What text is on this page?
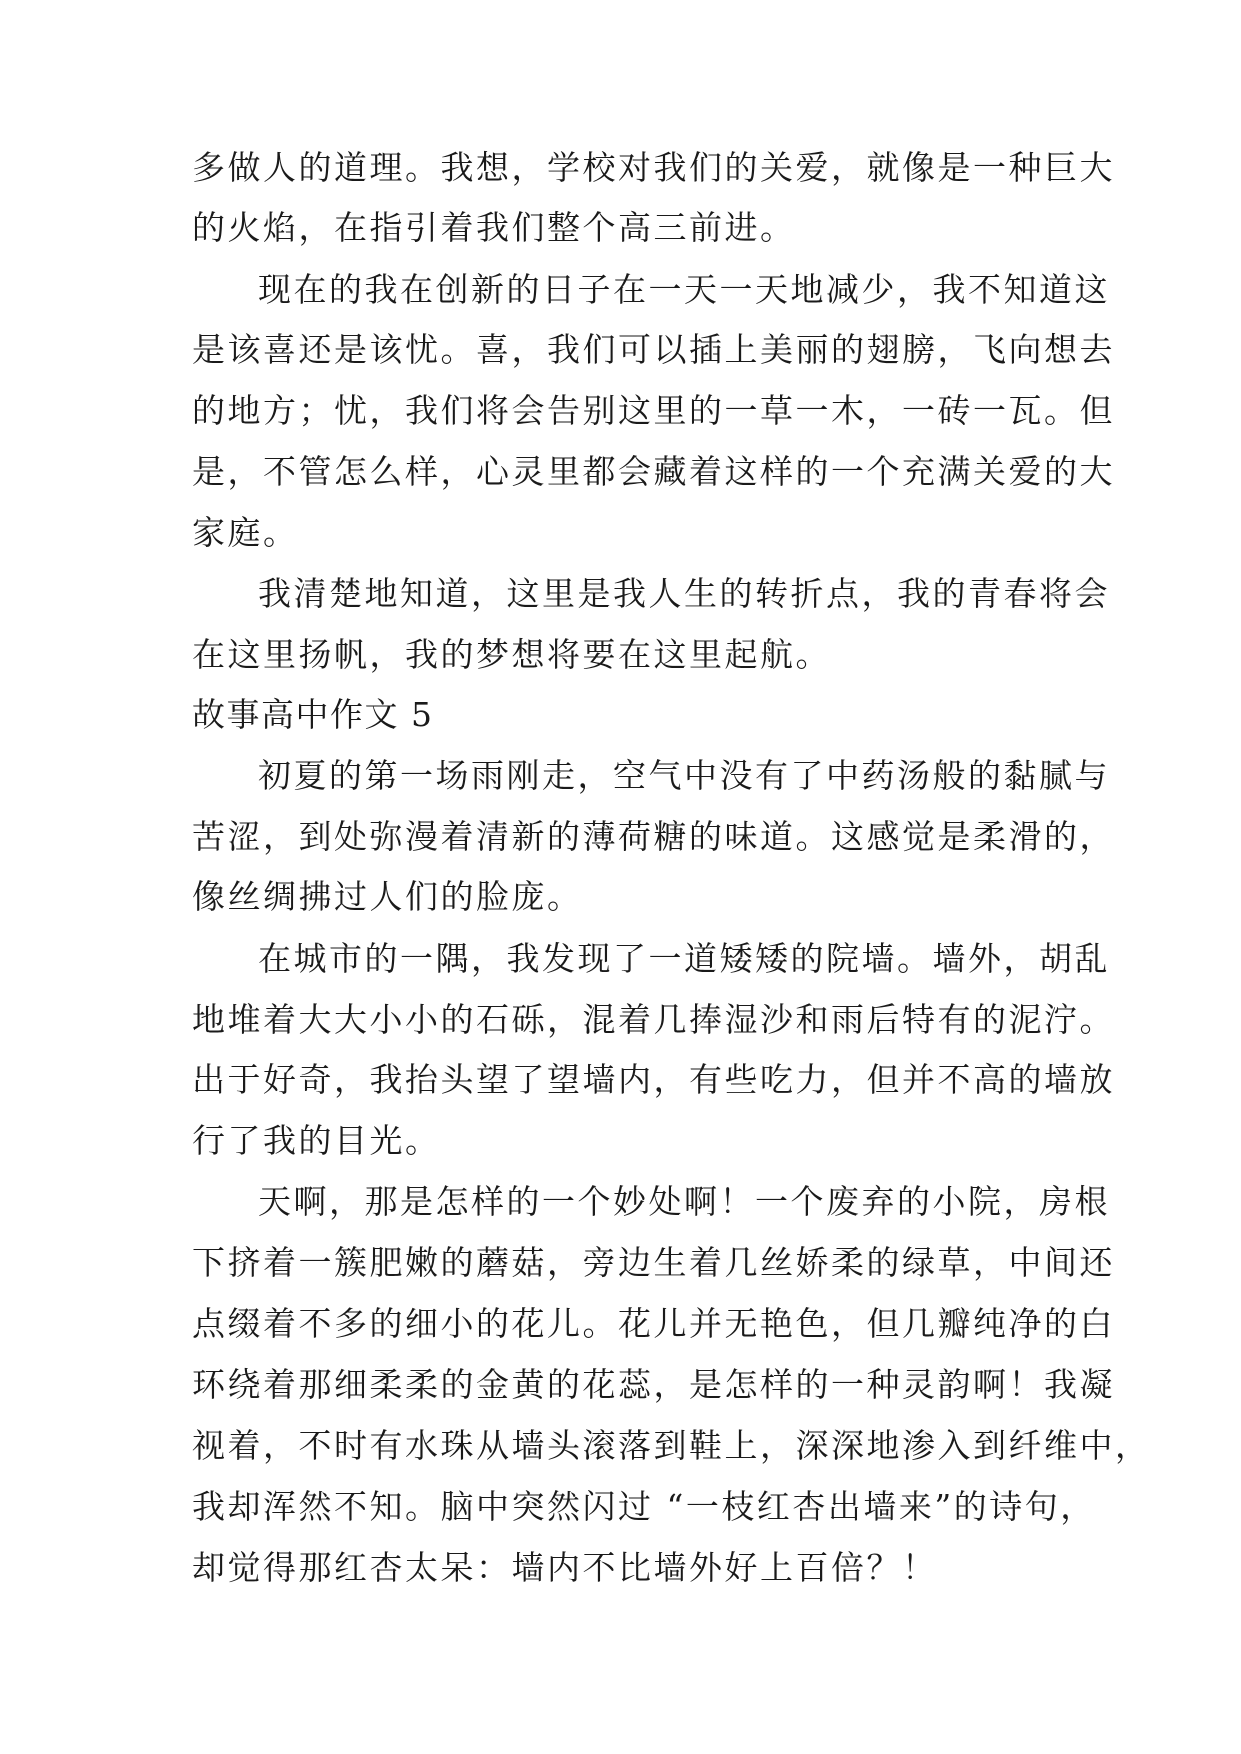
多做人的道理。我想，学校对我们的关爱，就像是一种巨大
的火焰，在指引着我们整个高三前进。
现在的我在创新的日子在一天一天地减少，我不知道这
是该喜还是该忧。喜，我们可以插上美丽的翅膀，飞向想去
的地方；忧，我们将会告别这里的一草一木，一砖一瓦。但
是，不管怎么样，心灵里都会藏着这样的一个充满关爱的大
家庭。
我清楚地知道，这里是我人生的转折点，我的青春将会
在这里扬帆，我的梦想将要在这里起航。
故事高中作文 5
初夏的第一场雨刚走，空气中没有了中药汤般的黏腻与
苦涩，到处弥漫着清新的薄荷糖的味道。这感觉是柔滑的，
像丝绸拂过人们的脸庞。
在城市的一隅，我发现了一道矮矮的院墙。墙外，胡乱
地堆着大大小小的石砾，混着几捧湿沙和雨后特有的泥泞。
出于好奇，我抬头望了望墙内，有些吃力，但并不高的墙放
行了我的目光。
天啊，那是怎样的一个妙处啊！一个废弃的小院，房根
下挤着一簇肥嫩的蘑菇，旁边生着几丝娇柔的绿草，中间还
点缀着不多的细小的花儿。花儿并无艳色，但几瓣纯净的白
环绕着那细柔柔的金黄的花蕊，是怎样的一种灵韵啊！我凝
视着，不时有水珠从墙头滚落到鞋上，深深地渗入到纤维中，
我却浑然不知。脑中突然闪过 “一枝红杏出墙来”的诗句，
却觉得那红杏太呆：墙内不比墙外好上百倍？！
